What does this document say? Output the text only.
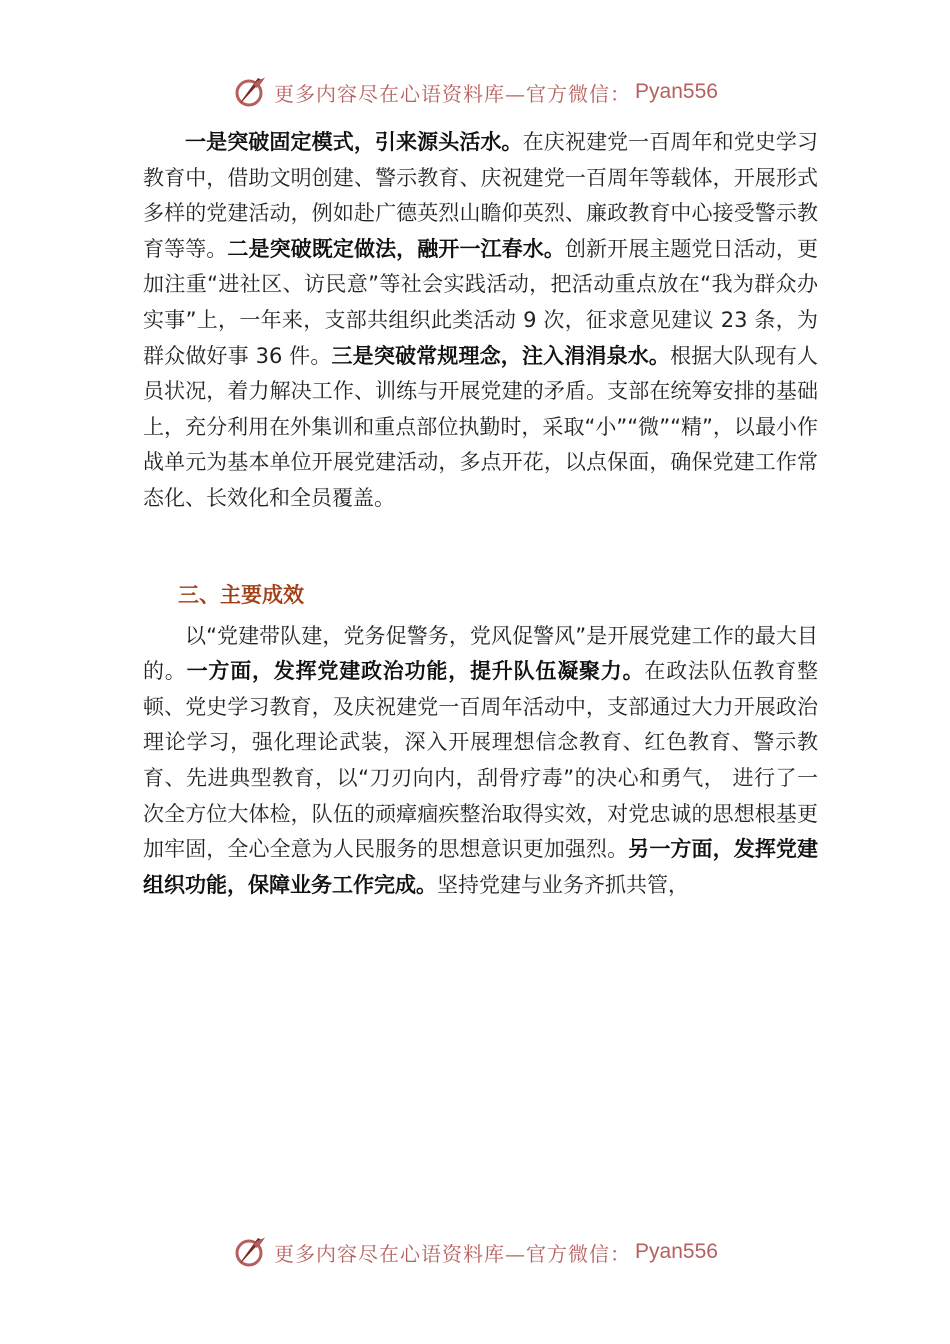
更多内容尽在心语资料库—官方微信： Pyan556

一是突破固定模式，引来源头活水。在庆祝建党一百周年和党史学习教育中，借助文明创建、警示教育、庆祝建党一百周年等载体，开展形式多样的党建活动，例如赴广德英烈山瞻仰英烈、廉政教育中心接受警示教育等等。二是突破既定做法，融开一江春水。创新开展主题党日活动，更加注重“进社区、访民意”等社会实践活动，把活动重点放在“我为群众办实事”上，一年来，支部共组织此类活动 9 次，征求意见建议 23 条，为群众做好事 36 件。三是突破常规理念，注入涓涓泉水。根据大队现有人员状况，着力解决工作、训练与开展党建的矛盾。支部在统筹安排的基础上，充分利用在外集训和重点部位执勤时，采取“小”“微”“精”，以最小作战单元为基本单位开展党建活动，多点开花，以点保面，确保党建工作常态化、长效化和全员覆盖。

三、主要成效

以“党建带队建，党务促警务，党风促警风”是开展党建工作的最大目的。一方面，发挥党建政治功能，提升队伍凝聚力。在政法队伍教育整顿、党史学习教育，及庆祝建党一百周年活动中，支部通过大力开展政治理论学习，强化理论武装，深入开展理想信念教育、红色教育、警示教育、先进典型教育，以“刀刃向内，刮骨疗毒”的决心和勇气， 进行了一次全方位大体检，队伍的顽瘴痼疾整治取得实效，对党忠诚的思想根基更加牢固，全心全意为人民服务的思想意识更加强烈。另一方面，发挥党建组织功能，保障业务工作完成。坚持党建与业务齐抓共管，

更多内容尽在心语资料库—官方微信： Pyan556
